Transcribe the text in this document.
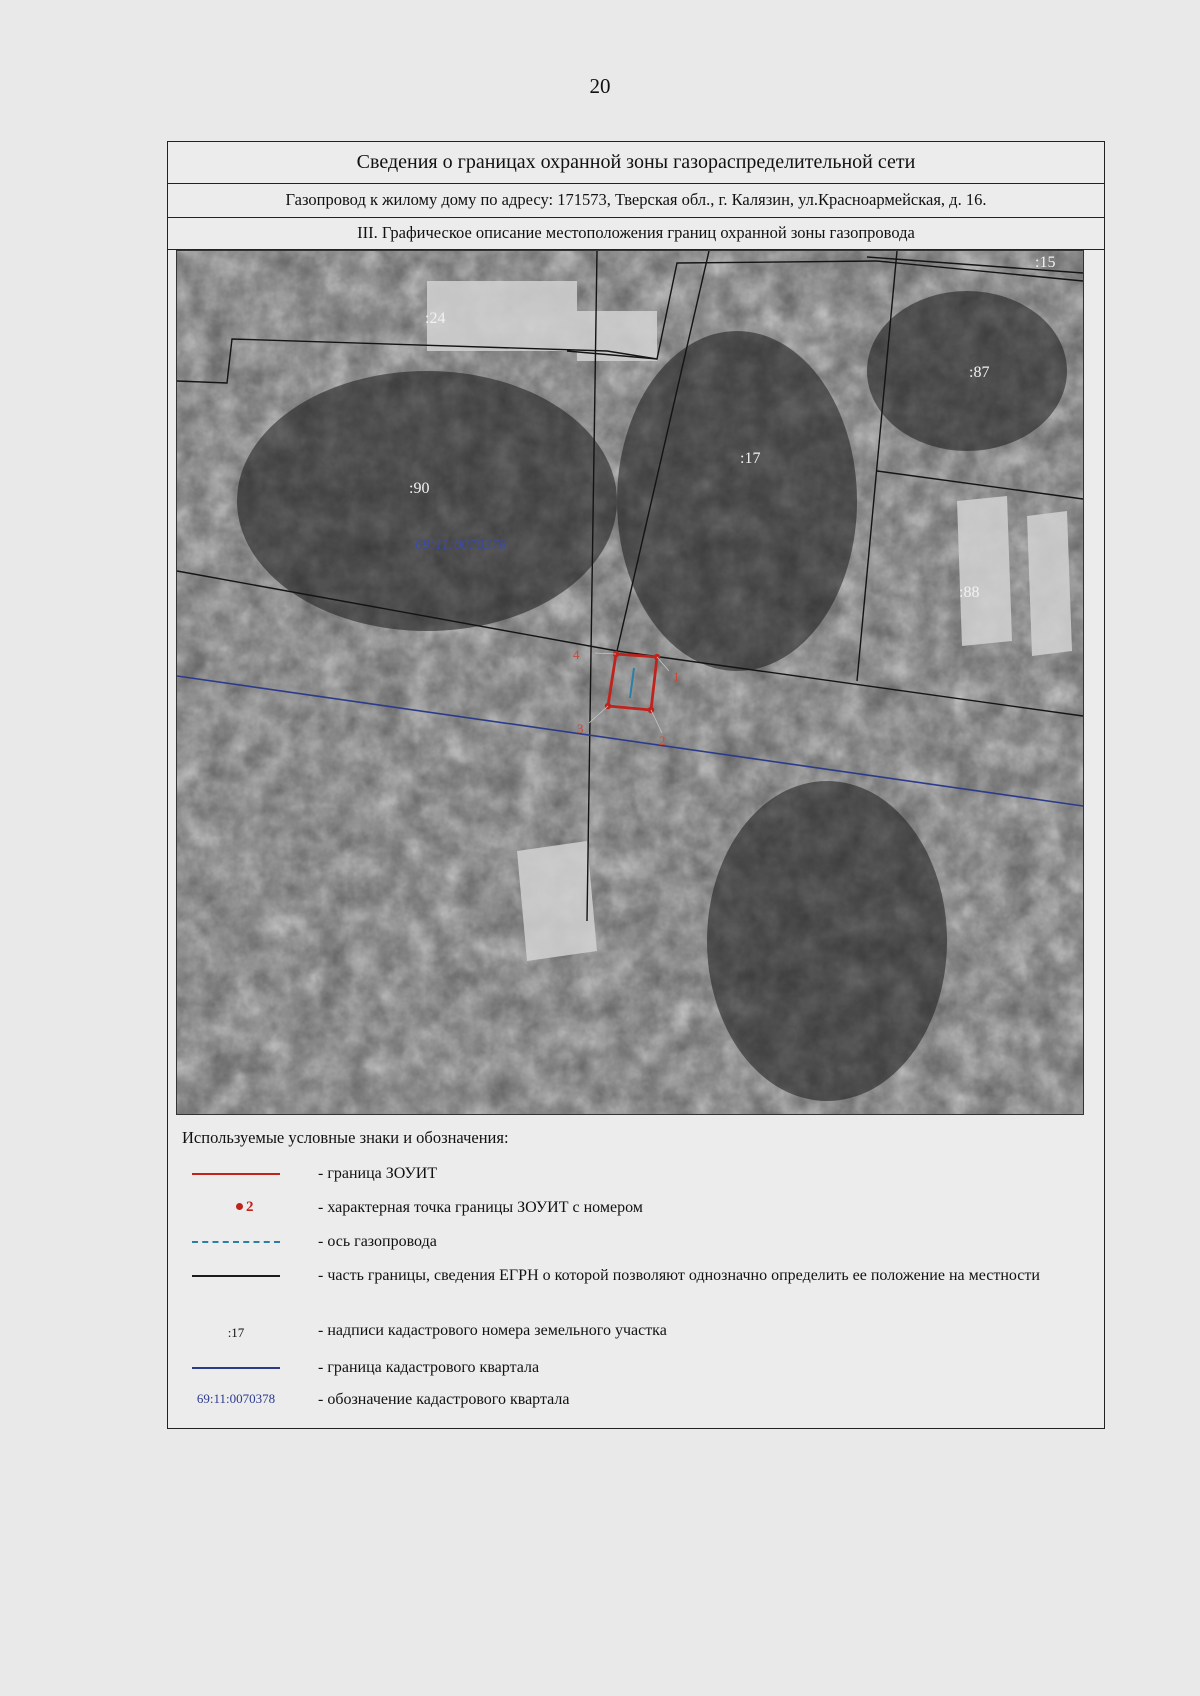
20
Сведения о границах охранной зоны газораспределительной сети
Газопровод к жилому дому по адресу: 171573, Тверская обл., г. Калязин, ул.Красноармейская, д. 16.
III. Графическое описание местоположения границ охранной зоны газопровода
:24
:90
:17
:87
:88
:15
69:11:0070378
1
2
3
4
Используемые условные знаки и обозначения:
- граница ЗОУИТ
2	- характерная точка границы ЗОУИТ с номером
- ось газопровода
- часть границы, сведения ЕГРН о которой позволяют однозначно определить ее положение на местности
:17	- надписи кадастрового номера земельного участка
- граница кадастрового квартала
69:11:0070378	- обозначение кадастрового квартала
